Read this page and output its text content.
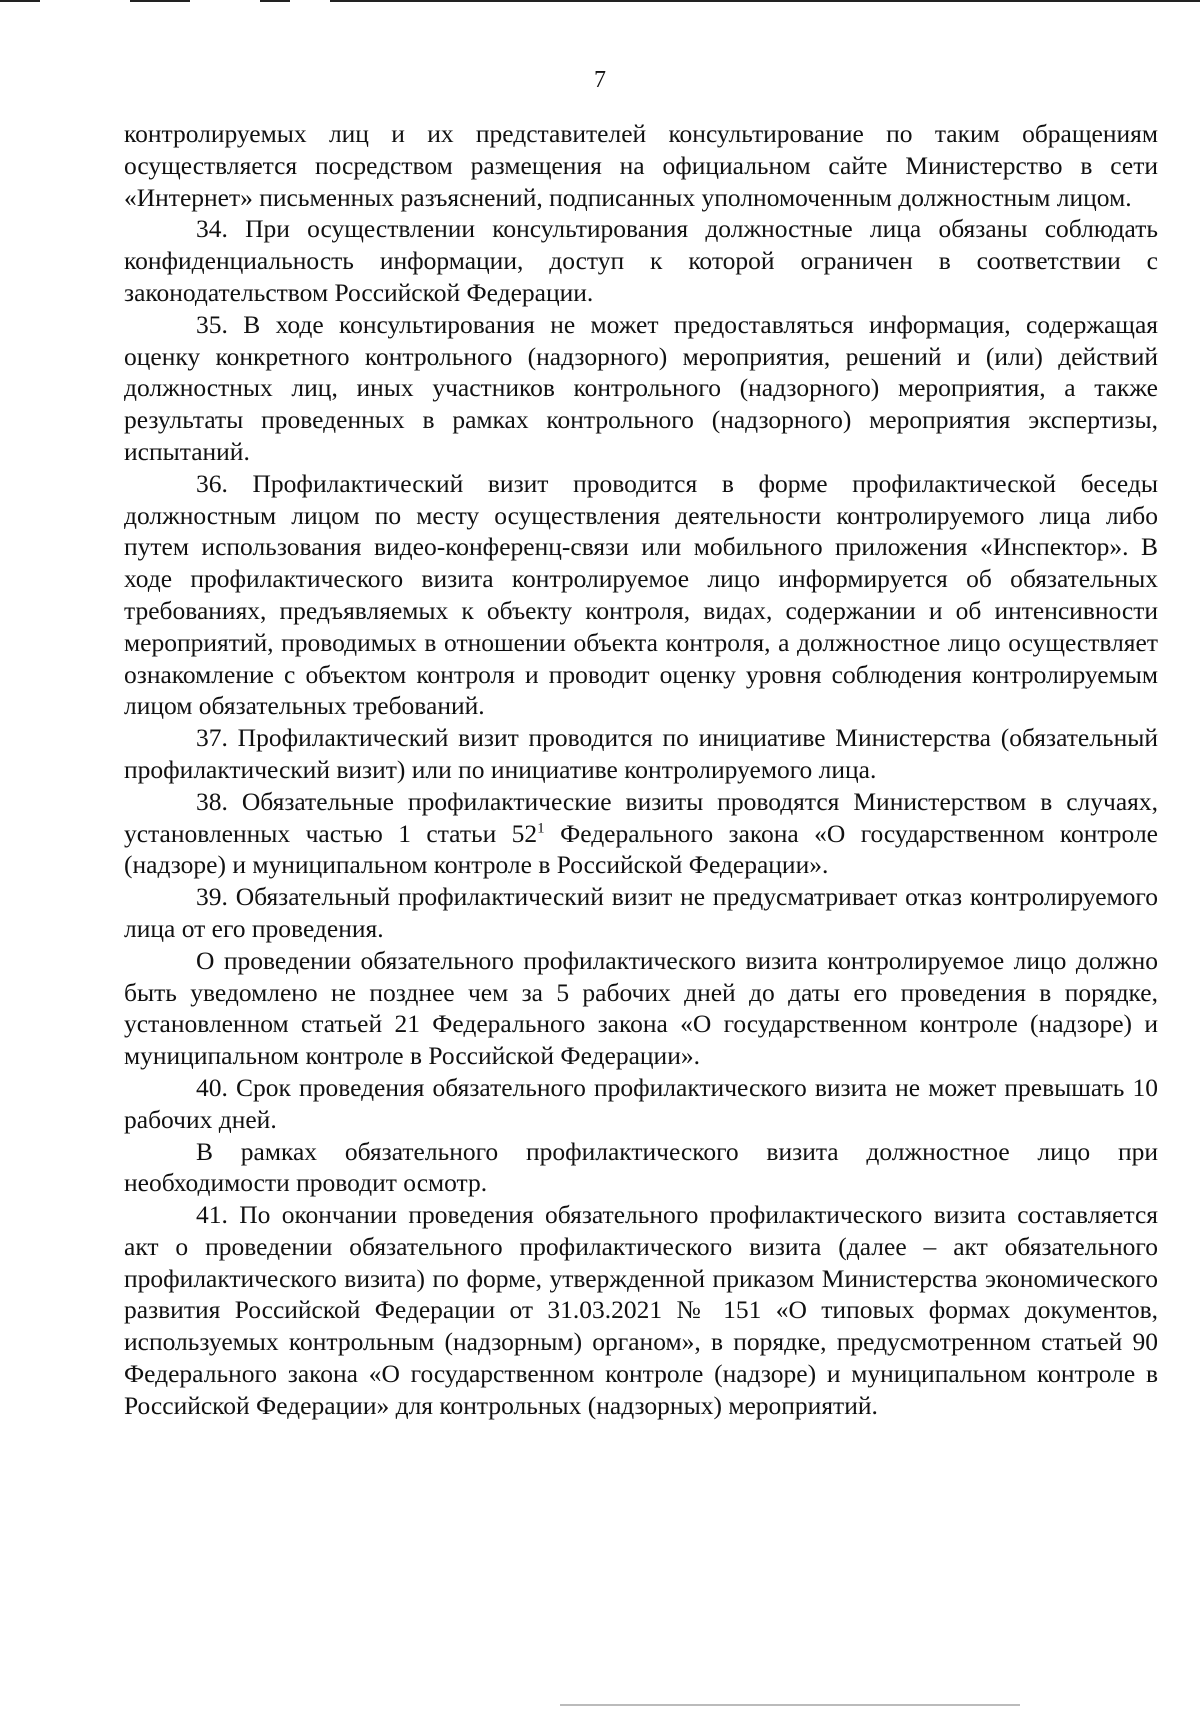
7

контролируемых лиц и их представителей консультирование по таким обращениям осуществляется посредством размещения на официальном сайте Министерство в сети «Интернет» письменных разъяснений, подписанных уполномоченным должностным лицом.

34. При осуществлении консультирования должностные лица обязаны соблюдать конфиденциальность информации, доступ к которой ограничен в соответствии с законодательством Российской Федерации.

35. В ходе консультирования не может предоставляться информация, содержащая оценку конкретного контрольного (надзорного) мероприятия, решений и (или) действий должностных лиц, иных участников контрольного (надзорного) мероприятия, а также результаты проведенных в рамках контрольного (надзорного) мероприятия экспертизы, испытаний.

36. Профилактический визит проводится в форме профилактической беседы должностным лицом по месту осуществления деятельности контролируемого лица либо путем использования видео-конференц-связи или мобильного приложения «Инспектор». В ходе профилактического визита контролируемое лицо информируется об обязательных требованиях, предъявляемых к объекту контроля, видах, содержании и об интенсивности мероприятий, проводимых в отношении объекта контроля, а должностное лицо осуществляет ознакомление с объектом контроля и проводит оценку уровня соблюдения контролируемым лицом обязательных требований.

37. Профилактический визит проводится по инициативе Министерства (обязательный профилактический визит) или по инициативе контролируемого лица.

38. Обязательные профилактические визиты проводятся Министерством в случаях, установленных частью 1 статьи $52^1$ Федерального закона «О государственном контроле (надзоре) и муниципальном контроле в Российской Федерации».

39. Обязательный профилактический визит не предусматривает отказ контролируемого лица от его проведения.

О проведении обязательного профилактического визита контролируемое лицо должно быть уведомлено не позднее чем за 5 рабочих дней до даты его проведения в порядке, установленном статьей 21 Федерального закона «О государственном контроле (надзоре) и муниципальном контроле в Российской Федерации».

40. Срок проведения обязательного профилактического визита не может превышать 10 рабочих дней.

В рамках обязательного профилактического визита должностное лицо при необходимости проводит осмотр.

41. По окончании проведения обязательного профилактического визита составляется акт о проведении обязательного профилактического визита (далее – акт обязательного профилактического визита) по форме, утвержденной приказом Министерства экономического развития Российской Федерации от 31.03.2021 № 151 «О типовых формах документов, используемых контрольным (надзорным) органом», в порядке, предусмотренном статьей 90 Федерального закона «О государственном контроле (надзоре) и муниципальном контроле в Российской Федерации» для контрольных (надзорных) мероприятий.
